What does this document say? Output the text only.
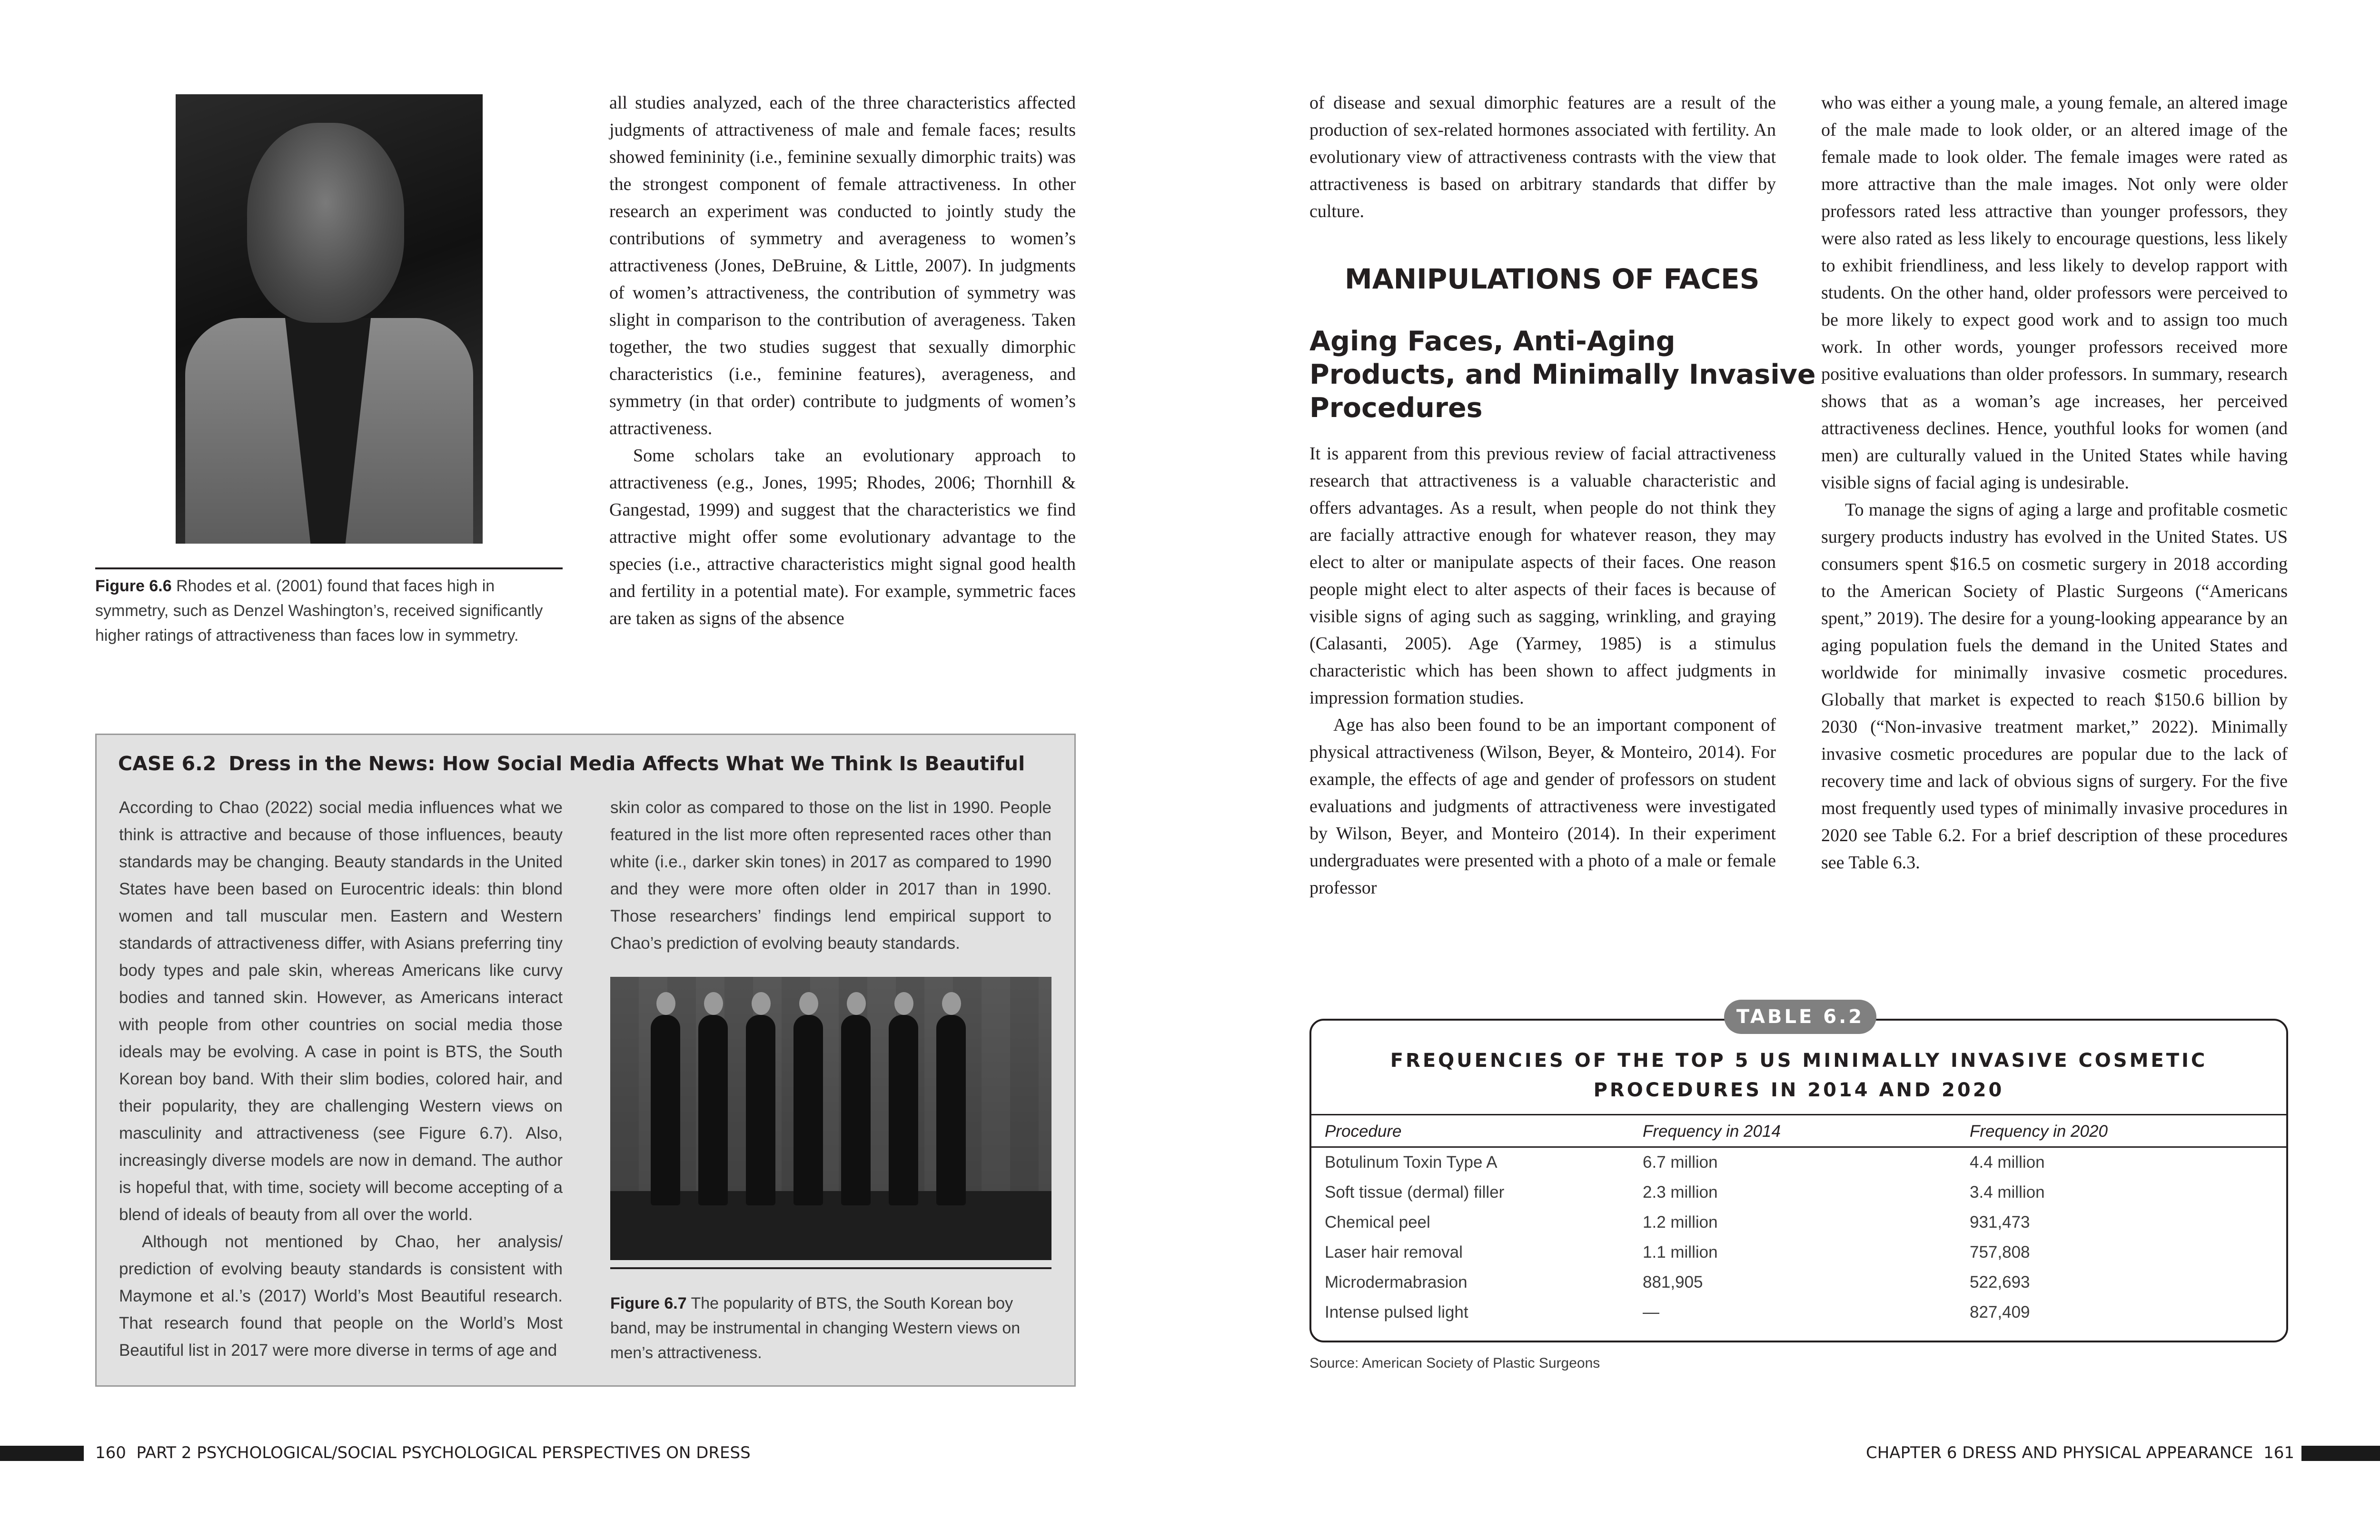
Figure 6.6 Rhodes et al. (2001) found that faces high in symmetry, such as Denzel Washington’s, received significantly higher ratings of attractiveness than faces low in symmetry.

all studies analyzed, each of the three characteristics affected judgments of attractiveness of male and female faces; results showed femininity (i.e., feminine sexually dimorphic traits) was the strongest component of female attractiveness. In other research an experiment was conducted to jointly study the contributions of symmetry and averageness to women’s attractiveness (Jones, DeBruine, & Little, 2007). In judgments of women’s attractiveness, the contribution of symmetry was slight in comparison to the contribution of averageness. Taken together, the two studies suggest that sexually dimorphic characteristics (i.e., feminine features), averageness, and symmetry (in that order) contribute to judgments of women’s attractiveness.

Some scholars take an evolutionary approach to attractiveness (e.g., Jones, 1995; Rhodes, 2006; Thornhill & Gangestad, 1999) and suggest that the characteristics we find attractive might offer some evolutionary advantage to the species (i.e., attractive characteristics might signal good health and fertility in a potential mate). For example, symmetric faces are taken as signs of the absence

CASE 6.2 Dress in the News: How Social Media Affects What We Think Is Beautiful

According to Chao (2022) social media influences what we think is attractive and because of those influences, beauty standards may be changing. Beauty standards in the United States have been based on Eurocentric ideals: thin blond women and tall muscular men. Eastern and Western standards of attractiveness differ, with Asians preferring tiny body types and pale skin, whereas Americans like curvy bodies and tanned skin. However, as Americans interact with people from other countries on social media those ideals may be evolving. A case in point is BTS, the South Korean boy band. With their slim bodies, colored hair, and their popularity, they are challenging Western views on masculinity and attractiveness (see Figure 6.7). Also, increasingly diverse models are now in demand. The author is hopeful that, with time, society will become accepting of a blend of ideals of beauty from all over the world.

Although not mentioned by Chao, her analysis/ prediction of evolving beauty standards is consistent with Maymone et al.’s (2017) World’s Most Beautiful research. That research found that people on the World’s Most Beautiful list in 2017 were more diverse in terms of age and

skin color as compared to those on the list in 1990. People featured in the list more often represented races other than white (i.e., darker skin tones) in 2017 as compared to 1990 and they were more often older in 2017 than in 1990. Those researchers’ findings lend empirical support to Chao’s prediction of evolving beauty standards.

Figure 6.7 The popularity of BTS, the South Korean boy band, may be instrumental in changing Western views on men’s attractiveness.
160 PART 2 PSYCHOLOGICAL/SOCIAL PSYCHOLOGICAL PERSPECTIVES ON DRESS

of disease and sexual dimorphic features are a result of the production of sex-related hormones associated with fertility. An evolutionary view of attractiveness contrasts with the view that attractiveness is based on arbitrary standards that differ by culture.

MANIPULATIONS OF FACES
Aging Faces, Anti-Aging
Products, and Minimally Invasive
Procedures

It is apparent from this previous review of facial attractiveness research that attractiveness is a valuable characteristic and offers advantages. As a result, when people do not think they are facially attractive enough for whatever reason, they may elect to alter or manipulate aspects of their faces. One reason people might elect to alter aspects of their faces is because of visible signs of aging such as sagging, wrinkling, and graying (Calasanti, 2005). Age (Yarmey, 1985) is a stimulus characteristic which has been shown to affect judgments in impression formation studies.

Age has also been found to be an important component of physical attractiveness (Wilson, Beyer, & Monteiro, 2014). For example, the effects of age and gender of professors on student evaluations and judgments of attractiveness were investigated by Wilson, Beyer, and Monteiro (2014). In their experiment undergraduates were presented with a photo of a male or female professor

who was either a young male, a young female, an altered image of the male made to look older, or an altered image of the female made to look older. The female images were rated as more attractive than the male images. Not only were older professors rated less attractive than younger professors, they were also rated as less likely to encourage questions, less likely to exhibit friendliness, and less likely to develop rapport with students. On the other hand, older professors were perceived to be more likely to expect good work and to assign too much work. In other words, younger professors received more positive evaluations than older professors. In summary, research shows that as a woman’s age increases, her perceived attractiveness declines. Hence, youthful looks for women (and men) are culturally valued in the United States while having visible signs of facial aging is undesirable.

To manage the signs of aging a large and profitable cosmetic surgery products industry has evolved in the United States. US consumers spent $16.5 on cosmetic surgery in 2018 according to the American Society of Plastic Surgeons (“Americans spent,” 2019). The desire for a young-looking appearance by an aging population fuels the demand in the United States and worldwide for minimally invasive cosmetic procedures. Globally that market is expected to reach $150.6 billion by 2030 (“Non-invasive treatment market,” 2022). Minimally invasive cosmetic procedures are popular due to the lack of recovery time and lack of obvious signs of surgery. For the five most frequently used types of minimally invasive procedures in 2020 see Table 6.2. For a brief description of these procedures see Table 6.3.

TABLE 6.2
FREQUENCIES OF THE TOP 5 US MINIMALLY INVASIVE COSMETIC
PROCEDURES IN 2014 AND 2020
Procedure	Frequency in 2014	Frequency in 2020
Botulinum Toxin Type A	6.7 million	4.4 million
Soft tissue (dermal) filler	2.3 million	3.4 million
Chemical peel	1.2 million	931,473
Laser hair removal	1.1 million	757,808
Microdermabrasion	881,905	522,693
Intense pulsed light	—	827,409
Source: American Society of Plastic Surgeons
CHAPTER 6 DRESS AND PHYSICAL APPEARANCE 161
